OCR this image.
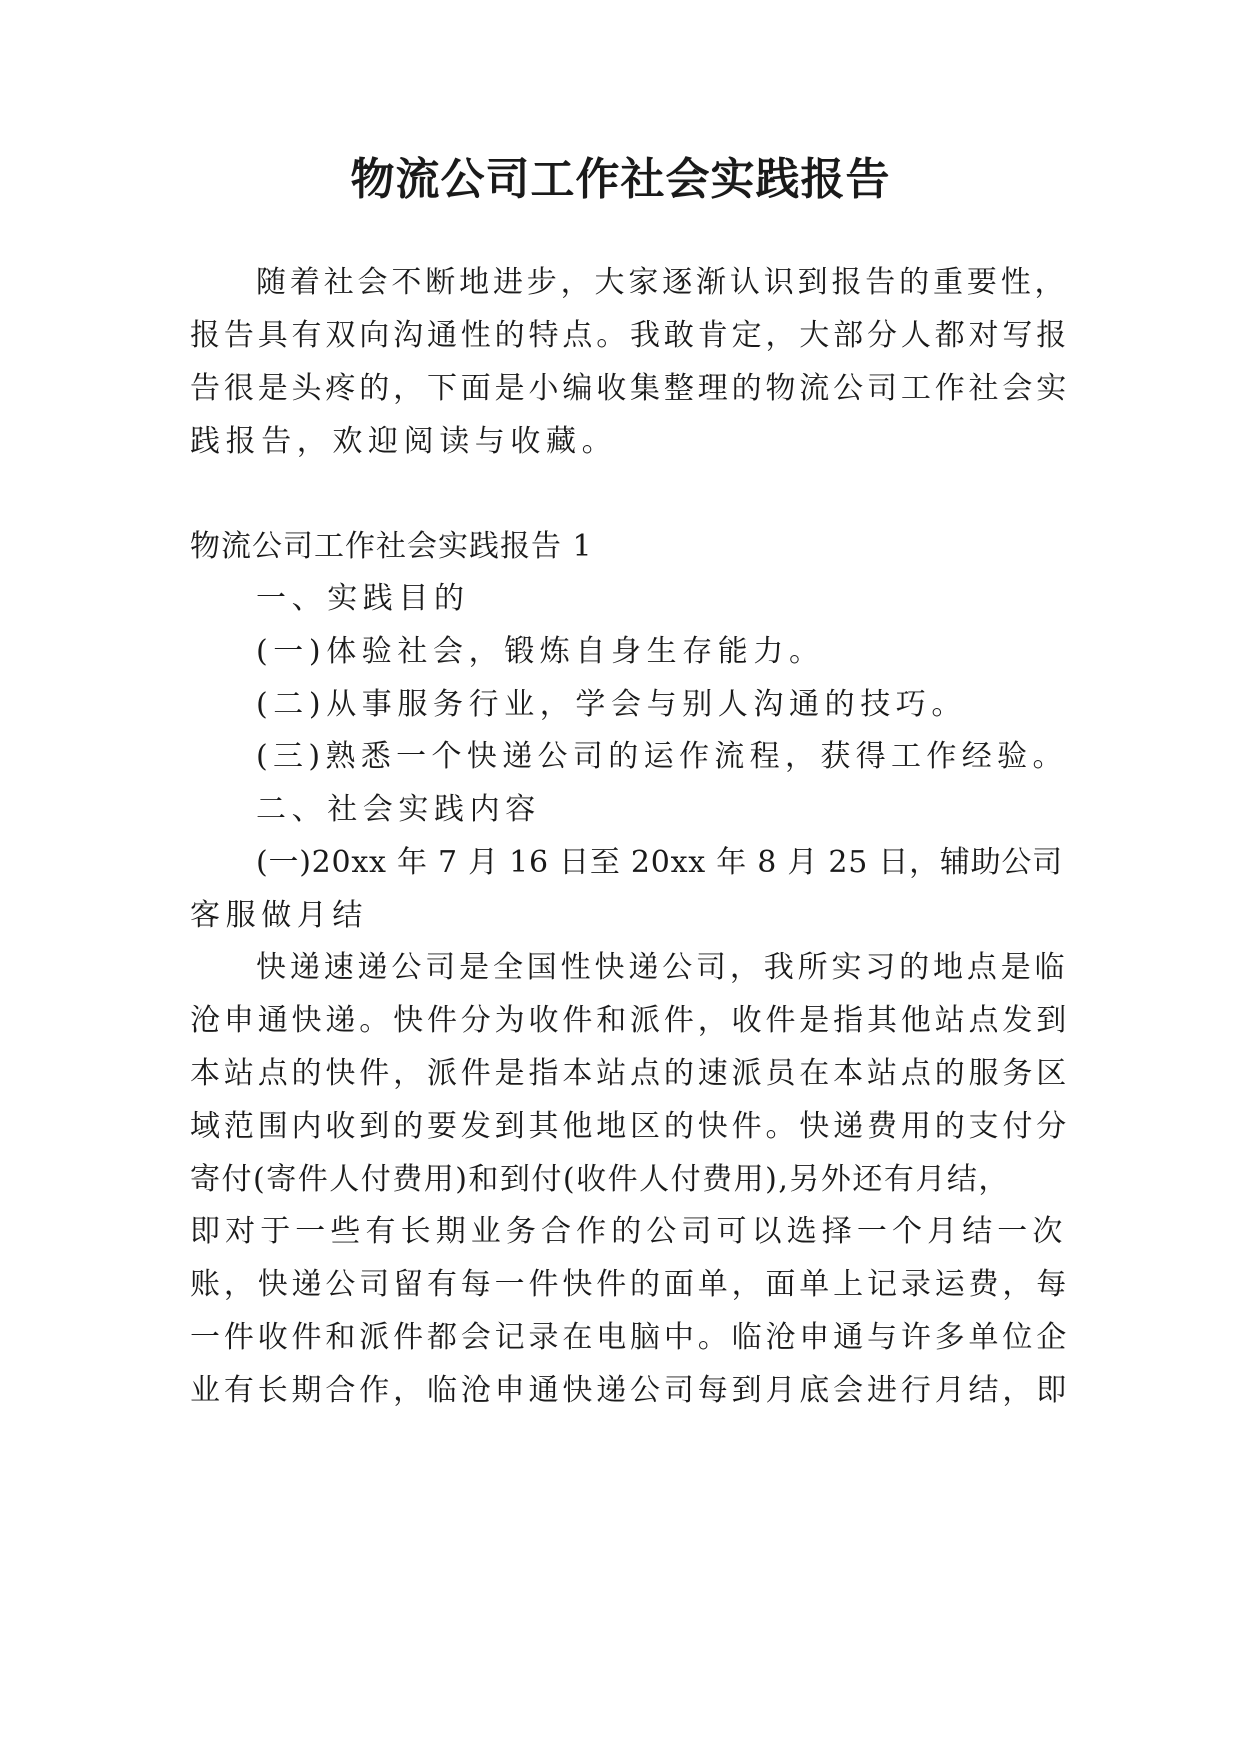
物流公司工作社会实践报告
随着社会不断地进步，大家逐渐认识到报告的重要性，
报告具有双向沟通性的特点。我敢肯定，大部分人都对写报
告很是头疼的，下面是小编收集整理的物流公司工作社会实
践报告，欢迎阅读与收藏。
物流公司工作社会实践报告 1
一、实践目的
(一)体验社会，锻炼自身生存能力。
(二)从事服务行业，学会与别人沟通的技巧。
(三)熟悉一个快递公司的运作流程，获得工作经验。
二、社会实践内容
(一)20xx 年 7 月 16 日至 20xx 年 8 月 25 日，辅助公司
客服做月结
快递速递公司是全国性快递公司，我所实习的地点是临
沧申通快递。快件分为收件和派件，收件是指其他站点发到
本站点的快件，派件是指本站点的速派员在本站点的服务区
域范围内收到的要发到其他地区的快件。快递费用的支付分
寄付(寄件人付费用)和到付(收件人付费用),另外还有月结，
即对于一些有长期业务合作的公司可以选择一个月结一次
账，快递公司留有每一件快件的面单，面单上记录运费，每
一件收件和派件都会记录在电脑中。临沧申通与许多单位企
业有长期合作，临沧申通快递公司每到月底会进行月结，即
